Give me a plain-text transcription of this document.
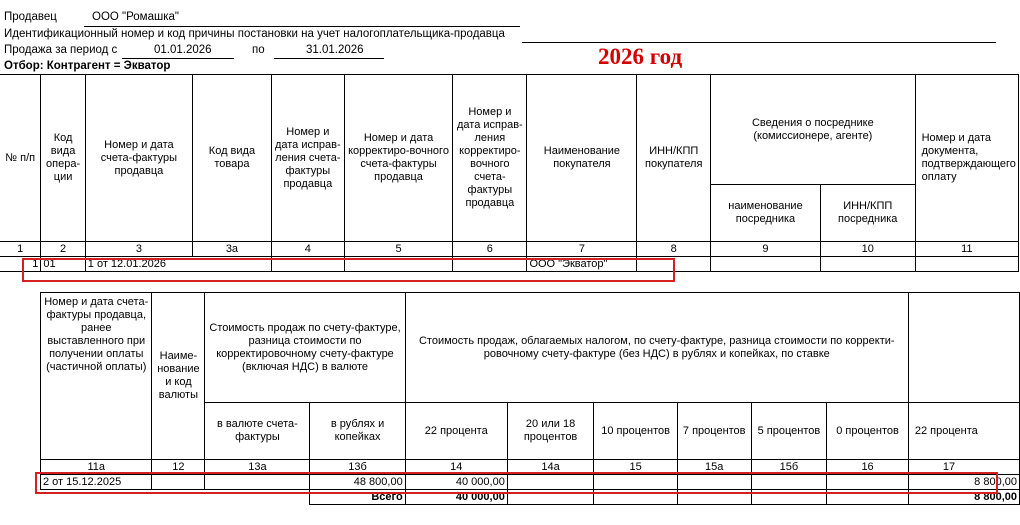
Продавец	ООО "Ромашка"
Идентификационный номер и код причины постановки на учет налогоплательщика-продавца
Продажа за период с	01.01.2026	по	31.01.2026
Отбор: Контрагент = Экватор	2026 год
№ п/п	Код вида опера-ции	Номер и дата счета-фактуры продавца	Код вида товара	Номер и дата исправ-ления счета-фактуры продавца	Номер и дата корректиро-вочного счета-фактуры продавца	Номер и дата исправ-ления корректиро-вочного счета-фактуры продавца	Наименование покупателя	ИНН/КПП покупателя	Сведения о посреднике (комиссионере, агенте)		Номер и дата документа, подтверждающего оплату
									наименование посредника	ИНН/КПП посредника	
1	2	3	3а	4	5	6	7	8	9	10	11
1	01	1 от 12.01.2026					ООО "Экватор"				
Номер и дата счета-фактуры продавца, ранее выставленного при получении оплаты (частичной оплаты)	Наиме-нование и код валюты	Стоимость продаж по счету-фактуре, разница стоимости по корректировочному счету-фактуре (включая НДС) в валюте		Стоимость продаж, облагаемых налогом, по счету-фактуре, разница стоимости по корректи-ровочному счету-фактуре (без НДС) в рублях и копейках, по ставке						
		в валюте счета-фактуры	в рублях и копейках	22 процента	20 или 18 процентов	10 процентов	7 процентов	5 процентов	0 процентов	22 процента
11а	12	13а	13б	14	14а	15	15а	15б	16	17
2 от 15.12.2025			48 800,00	40 000,00						8 800,00
			Всего	40 000,00						8 800,00
